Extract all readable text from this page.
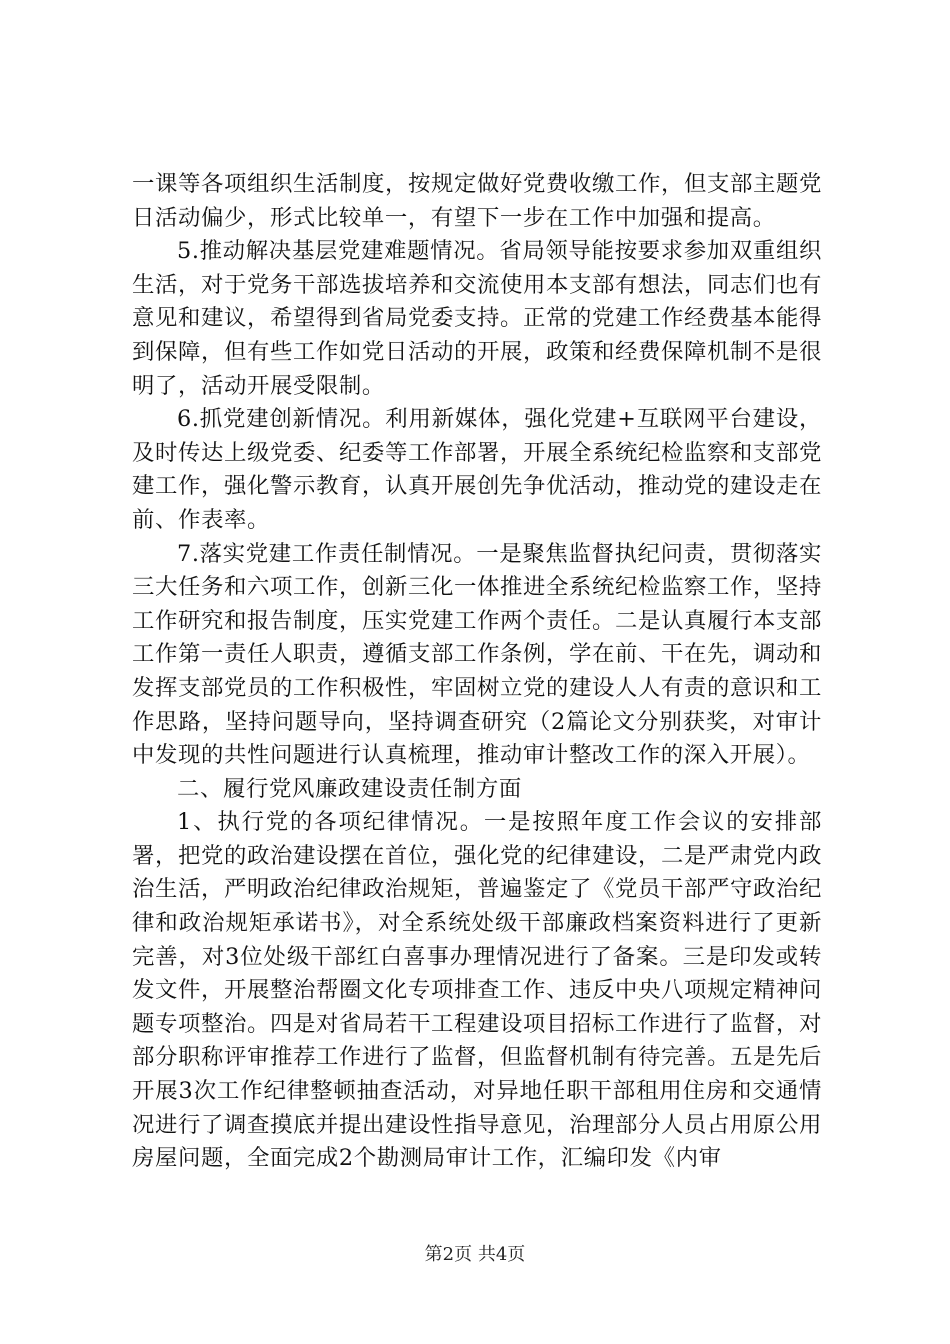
一课等各项组织生活制度，按规定做好党费收缴工作，但支部主题党日活动偏少，形式比较单一，有望下一步在工作中加强和提高。

5.推动解决基层党建难题情况。省局领导能按要求参加双重组织生活，对于党务干部选拔培养和交流使用本支部有想法，同志们也有意见和建议，希望得到省局党委支持。正常的党建工作经费基本能得到保障，但有些工作如党日活动的开展，政策和经费保障机制不是很明了，活动开展受限制。

6.抓党建创新情况。利用新媒体，强化党建+互联网平台建设，及时传达上级党委、纪委等工作部署，开展全系统纪检监察和支部党建工作，强化警示教育，认真开展创先争优活动，推动党的建设走在前、作表率。

7.落实党建工作责任制情况。一是聚焦监督执纪问责，贯彻落实三大任务和六项工作，创新三化一体推进全系统纪检监察工作，坚持工作研究和报告制度，压实党建工作两个责任。二是认真履行本支部工作第一责任人职责，遵循支部工作条例，学在前、干在先，调动和发挥支部党员的工作积极性，牢固树立党的建设人人有责的意识和工作思路，坚持问题导向，坚持调查研究（2篇论文分别获奖，对审计中发现的共性问题进行认真梳理，推动审计整改工作的深入开展）。

二、履行党风廉政建设责任制方面

1、执行党的各项纪律情况。一是按照年度工作会议的安排部署，把党的政治建设摆在首位，强化党的纪律建设，二是严肃党内政治生活，严明政治纪律政治规矩，普遍鉴定了《党员干部严守政治纪律和政治规矩承诺书》，对全系统处级干部廉政档案资料进行了更新完善，对3位处级干部红白喜事办理情况进行了备案。三是印发或转发文件，开展整治帮圈文化专项排查工作、违反中央八项规定精神问题专项整治。四是对省局若干工程建设项目招标工作进行了监督，对部分职称评审推荐工作进行了监督，但监督机制有待完善。五是先后开展3次工作纪律整顿抽查活动，对异地任职干部租用住房和交通情况进行了调查摸底并提出建设性指导意见，治理部分人员占用原公用房屋问题，全面完成2个勘测局审计工作，汇编印发《内审

第2页 共4页
